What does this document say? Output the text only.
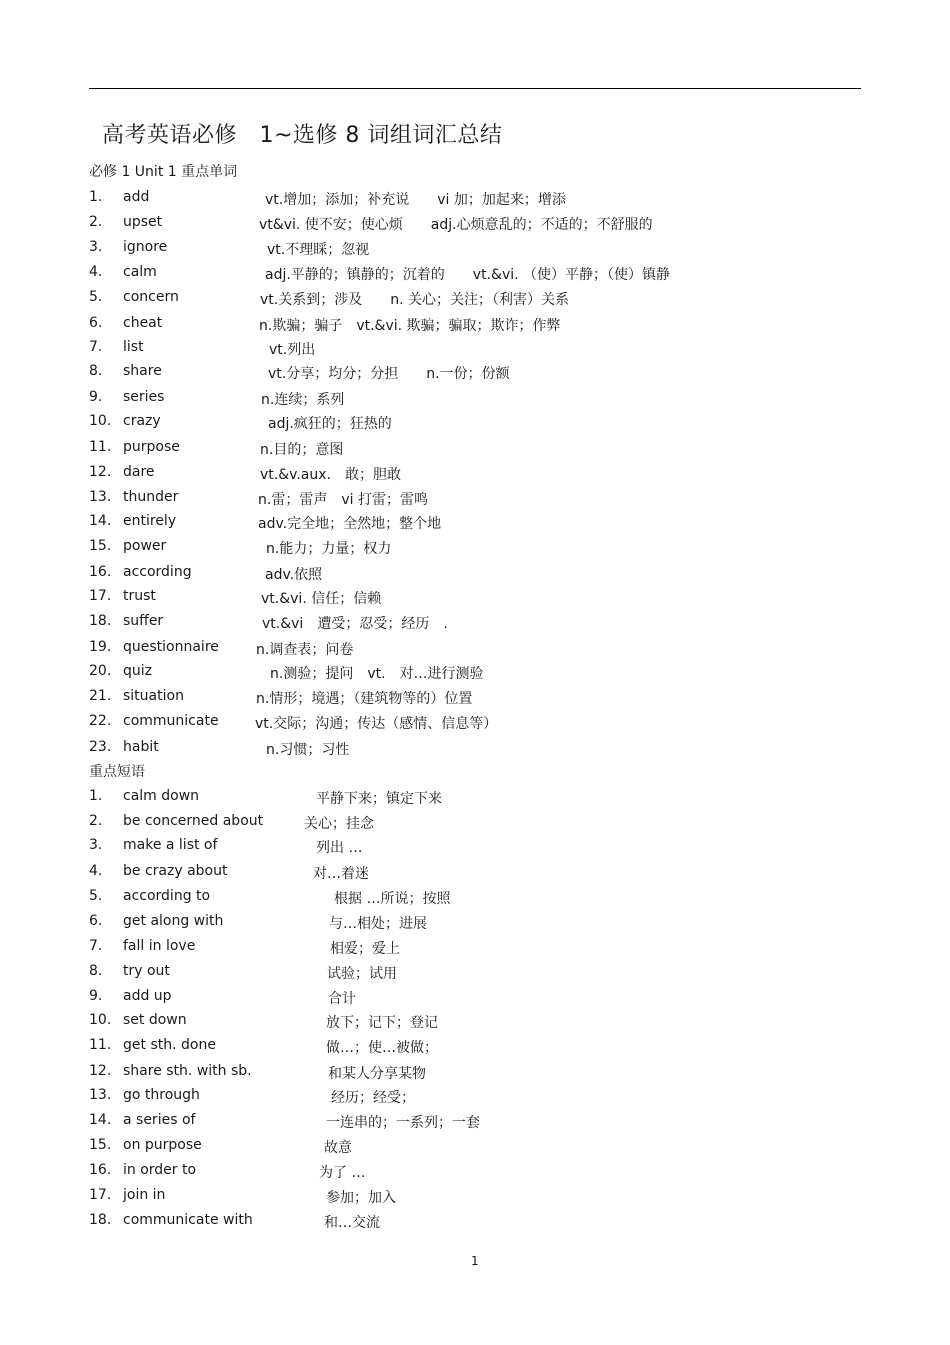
高考英语必修　1~选修 8 词组词汇总结
必修 1 Unit 1 重点单词
重点短语
1. add	vt.增加；添加；补充说　　vi 加；加起来；增添
2. upset	vt&vi. 使不安；使心烦　　adj.心烦意乱的；不适的；不舒服的
3. ignore	vt.不理睬；忽视
4. calm	adj.平静的；镇静的；沉着的　　vt.&vi. （使）平静；（使）镇静
5. concern	vt.关系到；涉及　　n. 关心；关注；（利害）关系
6. cheat	n.欺骗；骗子　vt.&vi. 欺骗；骗取；欺诈；作弊
7. list	vt.列出
8. share	vt.分享；均分；分担　　n.一份；份额
9. series	n.连续；系列
10. crazy	adj.疯狂的；狂热的
11. purpose	n.目的；意图
12. dare	vt.&v.aux.　敢；胆敢
13. thunder	n.雷；雷声　vi 打雷；雷鸣
14. entirely	adv.完全地；全然地；整个地
15. power	n.能力；力量；权力
16. according	adv.依照
17. trust	vt.&vi. 信任；信赖
18. suffer	vt.&vi　遭受；忍受；经历　.
19. questionnaire	n.调查表；问卷
20. quiz	n.测验；提问　vt.　对…进行测验
21. situation	n.情形；境遇；（建筑物等的）位置
22. communicate	vt.交际；沟通；传达（感情、信息等）
23. habit	n.习惯；习性
1. calm down	平静下来；镇定下来
2. be concerned about	关心；挂念
3. make a list of	列出 …
4. be crazy about	对…着迷
5. according to	根据 …所说；按照
6. get along with	与…相处；进展
7. fall in love	相爱；爱上
8. try out	试验；试用
9. add up	合计
10. set down	放下；记下；登记
11. get sth. done	做…；使…被做；
12. share sth. with sb.	和某人分享某物
13. go through	经历；经受；
14. a series of	一连串的；一系列；一套
15. on purpose	故意
16. in order to	为了 …
17. join in	参加；加入
18. communicate with	和…交流
1
